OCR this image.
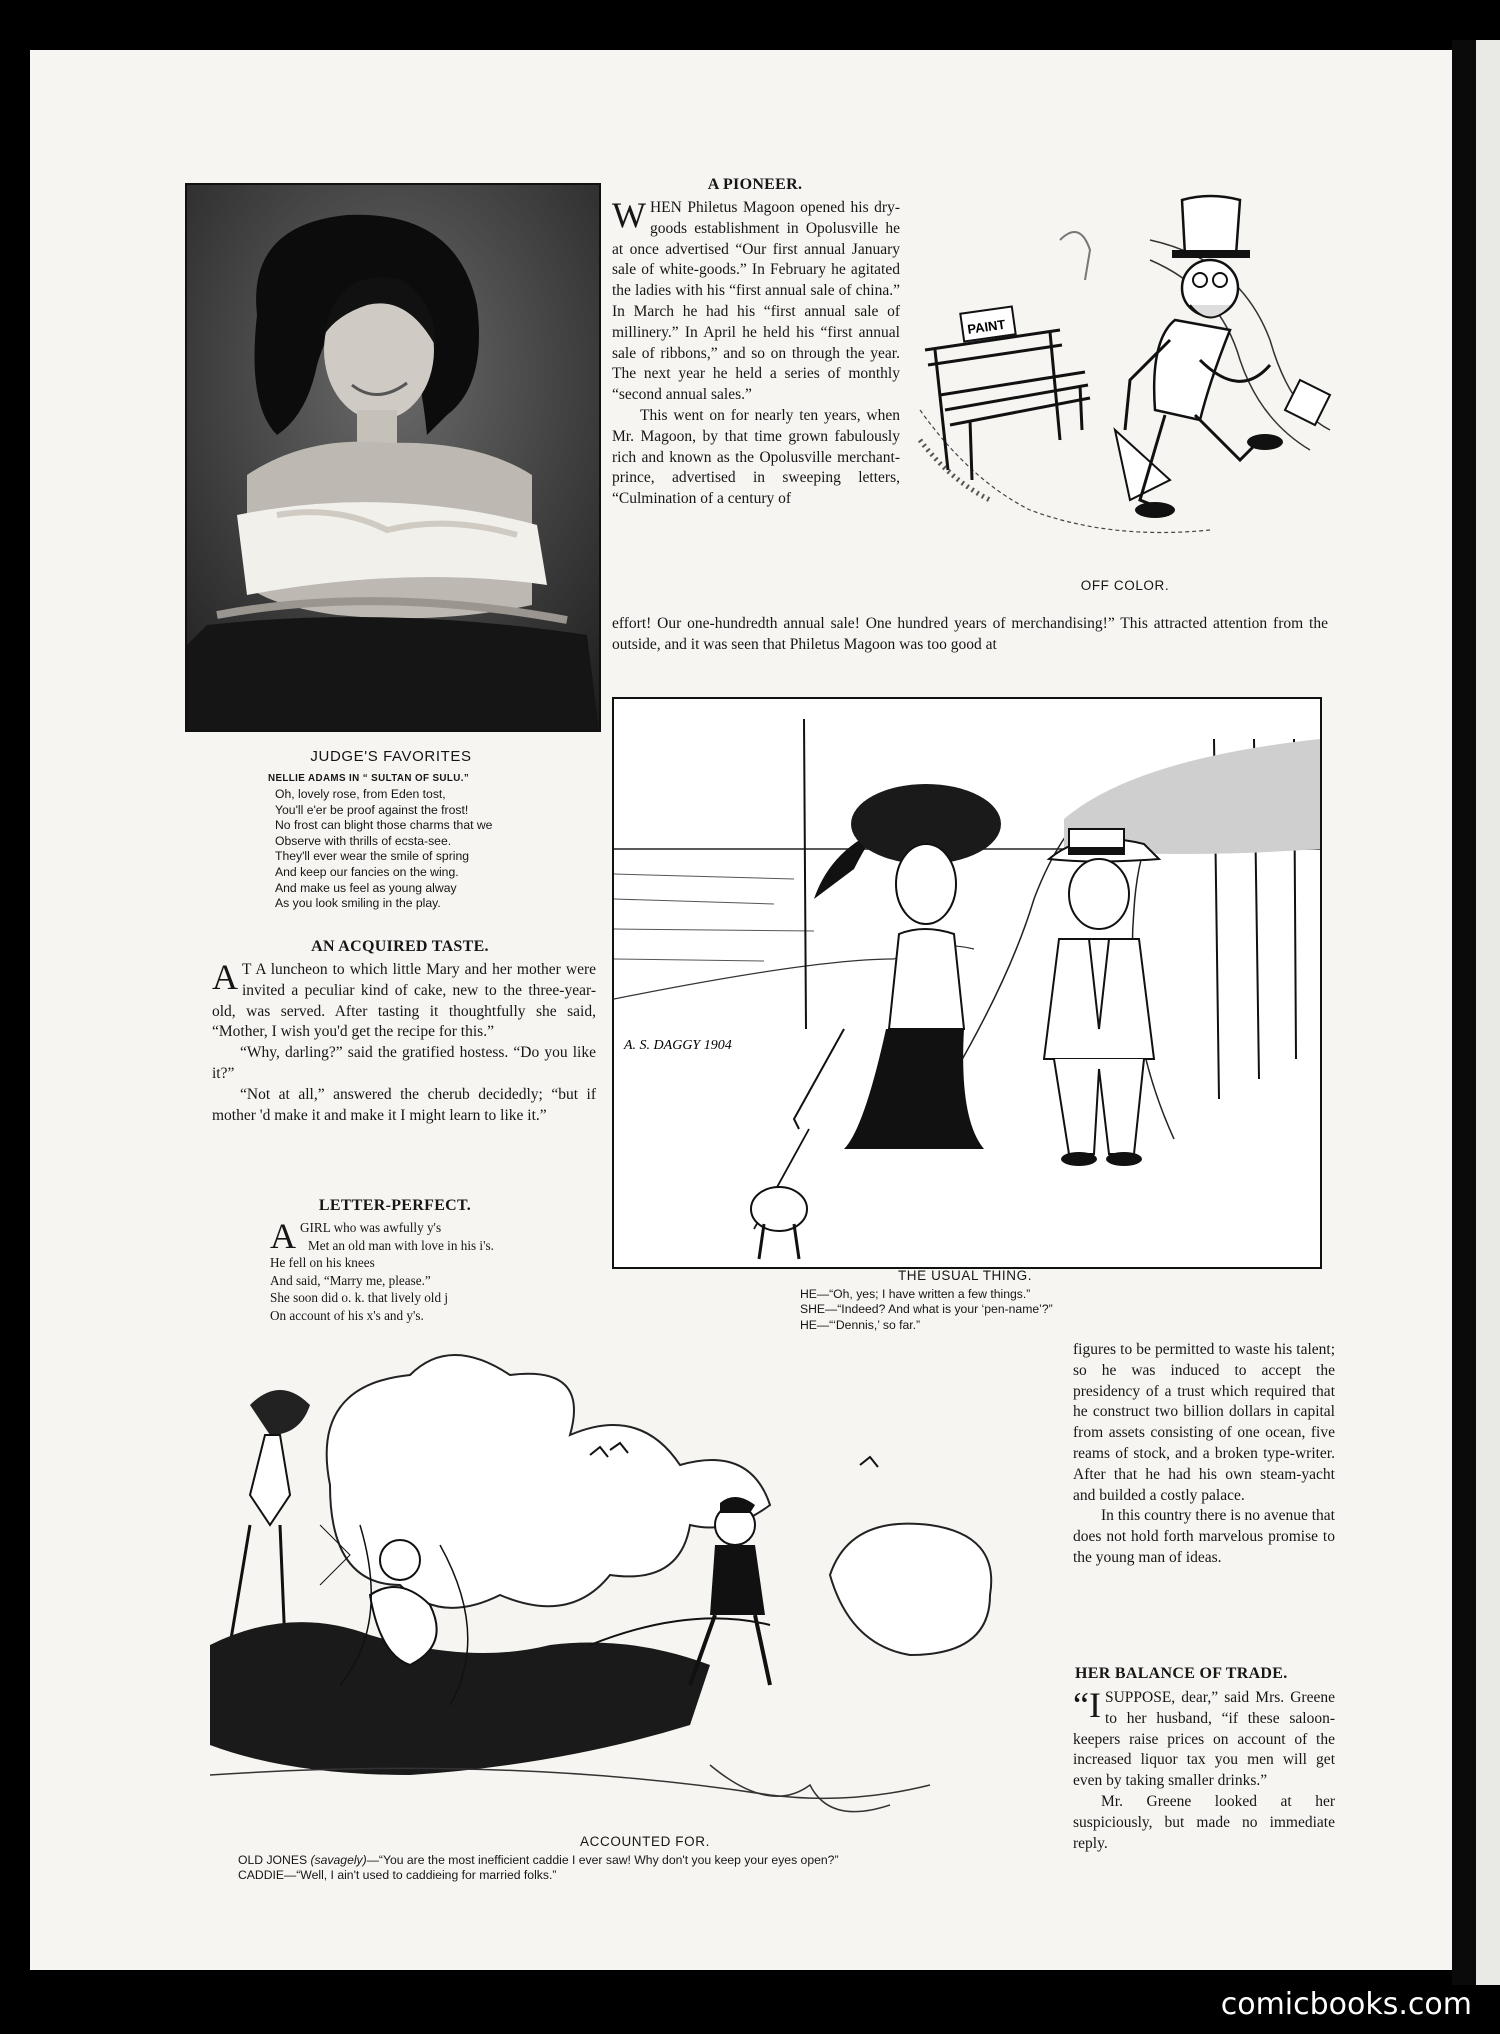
JUDGE'S FAVORITES
NELLIE ADAMS IN “ SULTAN OF SULU.”
Oh, lovely rose, from Eden tost,
You'll e'er be proof against the frost!
No frost can blight those charms that we
Observe with thrills of ecsta-see.
They'll ever wear the smile of spring
And keep our fancies on the wing.
And make us feel as young alway
As you look smiling in the play.
A PIONEER.

WHEN Philetus Magoon opened his dry-goods establishment in Opolusville he at once advertised “Our first annual January sale of white-goods.” In February he agitated the ladies with his “first annual sale of china.” In March he had his “first annual sale of millinery.” In April he held his “first annual sale of ribbons,” and so on through the year. The next year he held a series of monthly “second annual sales.”

This went on for nearly ten years, when Mr. Magoon, by that time grown fabulously rich and known as the Opolusville merchant-prince, advertised in sweeping letters, “Culmination of a century of

effort! Our one-hundredth annual sale! One hundred years of merchandising!” This attracted attention from the outside, and it was seen that Philetus Magoon was too good at
PAINT
OFF COLOR.
A. S. DAGGY 1904
THE USUAL THING.
HE—“Oh, yes; I have written a few things.”
SHE—“Indeed? And what is your ‘pen-name’?”
HE—“‘Dennis,’ so far.”
AN ACQUIRED TASTE.

A T A luncheon to which little Mary and her mother were invited a peculiar kind of cake, new to the three-year-old, was served. After tasting it thoughtfully she said, “Mother, I wish you'd get the recipe for this.”

“Why, darling?” said the gratified hostess. “Do you like it?”

“Not at all,” answered the cherub decidedly; “but if mother 'd make it and make it I might learn to like it.”

LETTER-PERFECT.
A GIRL who was awfully y's
Met an old man with love in his i's.
He fell on his knees
And said, “Marry me, please.”
She soon did o. k. that lively old j
On account of his x's and y's.

figures to be permitted to waste his talent; so he was induced to accept the presidency of a trust which required that he construct two billion dollars in capital from assets consisting of one ocean, five reams of stock, and a broken type-writer. After that he had his own steam-yacht and builded a costly palace.

In this country there is no avenue that does not hold forth marvelous promise to the young man of ideas.

HER BALANCE OF TRADE.

“ISUPPOSE, dear,” said Mrs. Greene to her husband, “if these saloon-keepers raise prices on account of the increased liquor tax you men will get even by taking smaller drinks.”

Mr. Greene looked at her suspiciously, but made no immediate reply.

ACCOUNTED FOR.
OLD JONES (savagely)—“You are the most inefficient caddie I ever saw! Why don't you keep your eyes open?”
CADDIE—“Well, I ain't used to caddieing for married folks.”
comicbooks.com
